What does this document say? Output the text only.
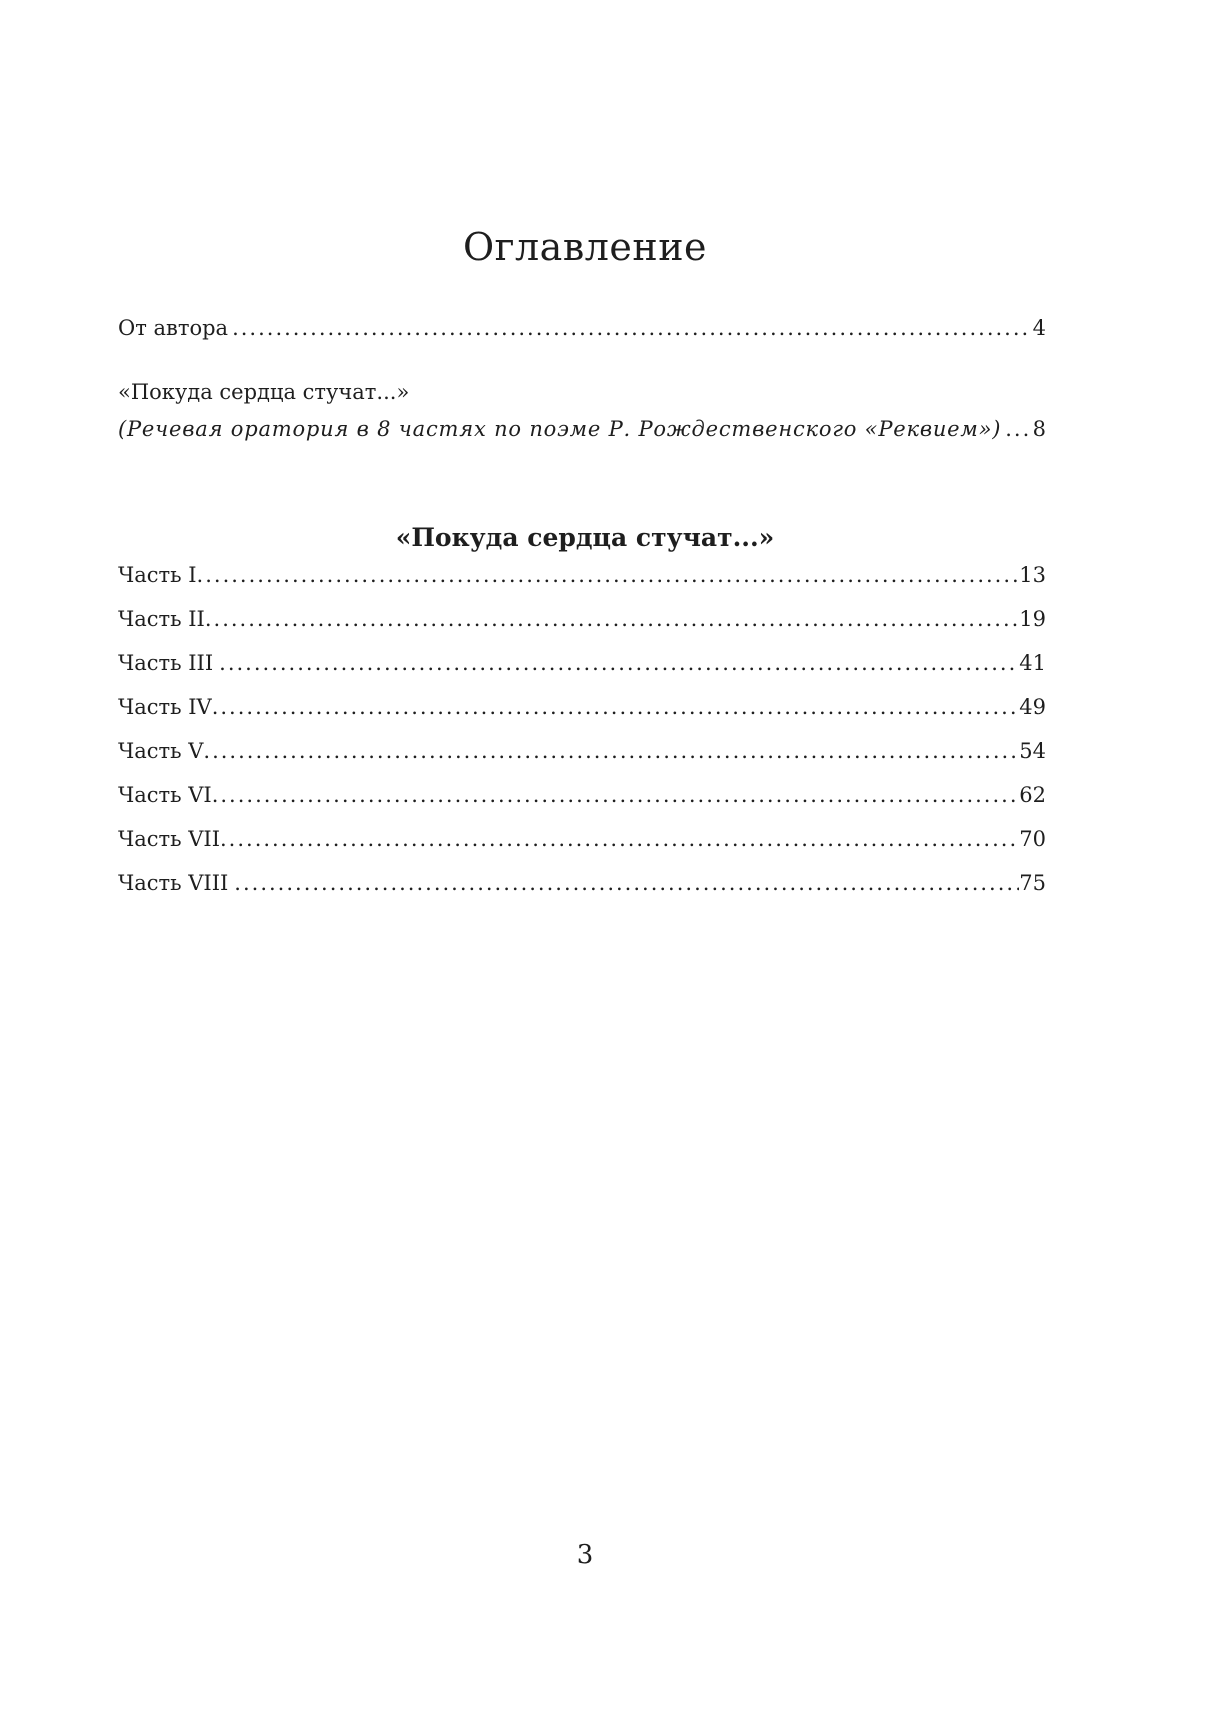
Оглавление
От автора .....	4
«Покуда сердца стучат...»
(Речевая оратория в 8 частях по поэме Р. Рождественского «Реквием») ..... 8
«Покуда сердца стучат...»
Часть I .....	13
Часть II .....	19
Часть III .....	41
Часть IV .....	49
Часть V .....	54
Часть VI .....	62
Часть VII .....	70
Часть VIII .....	75
3
